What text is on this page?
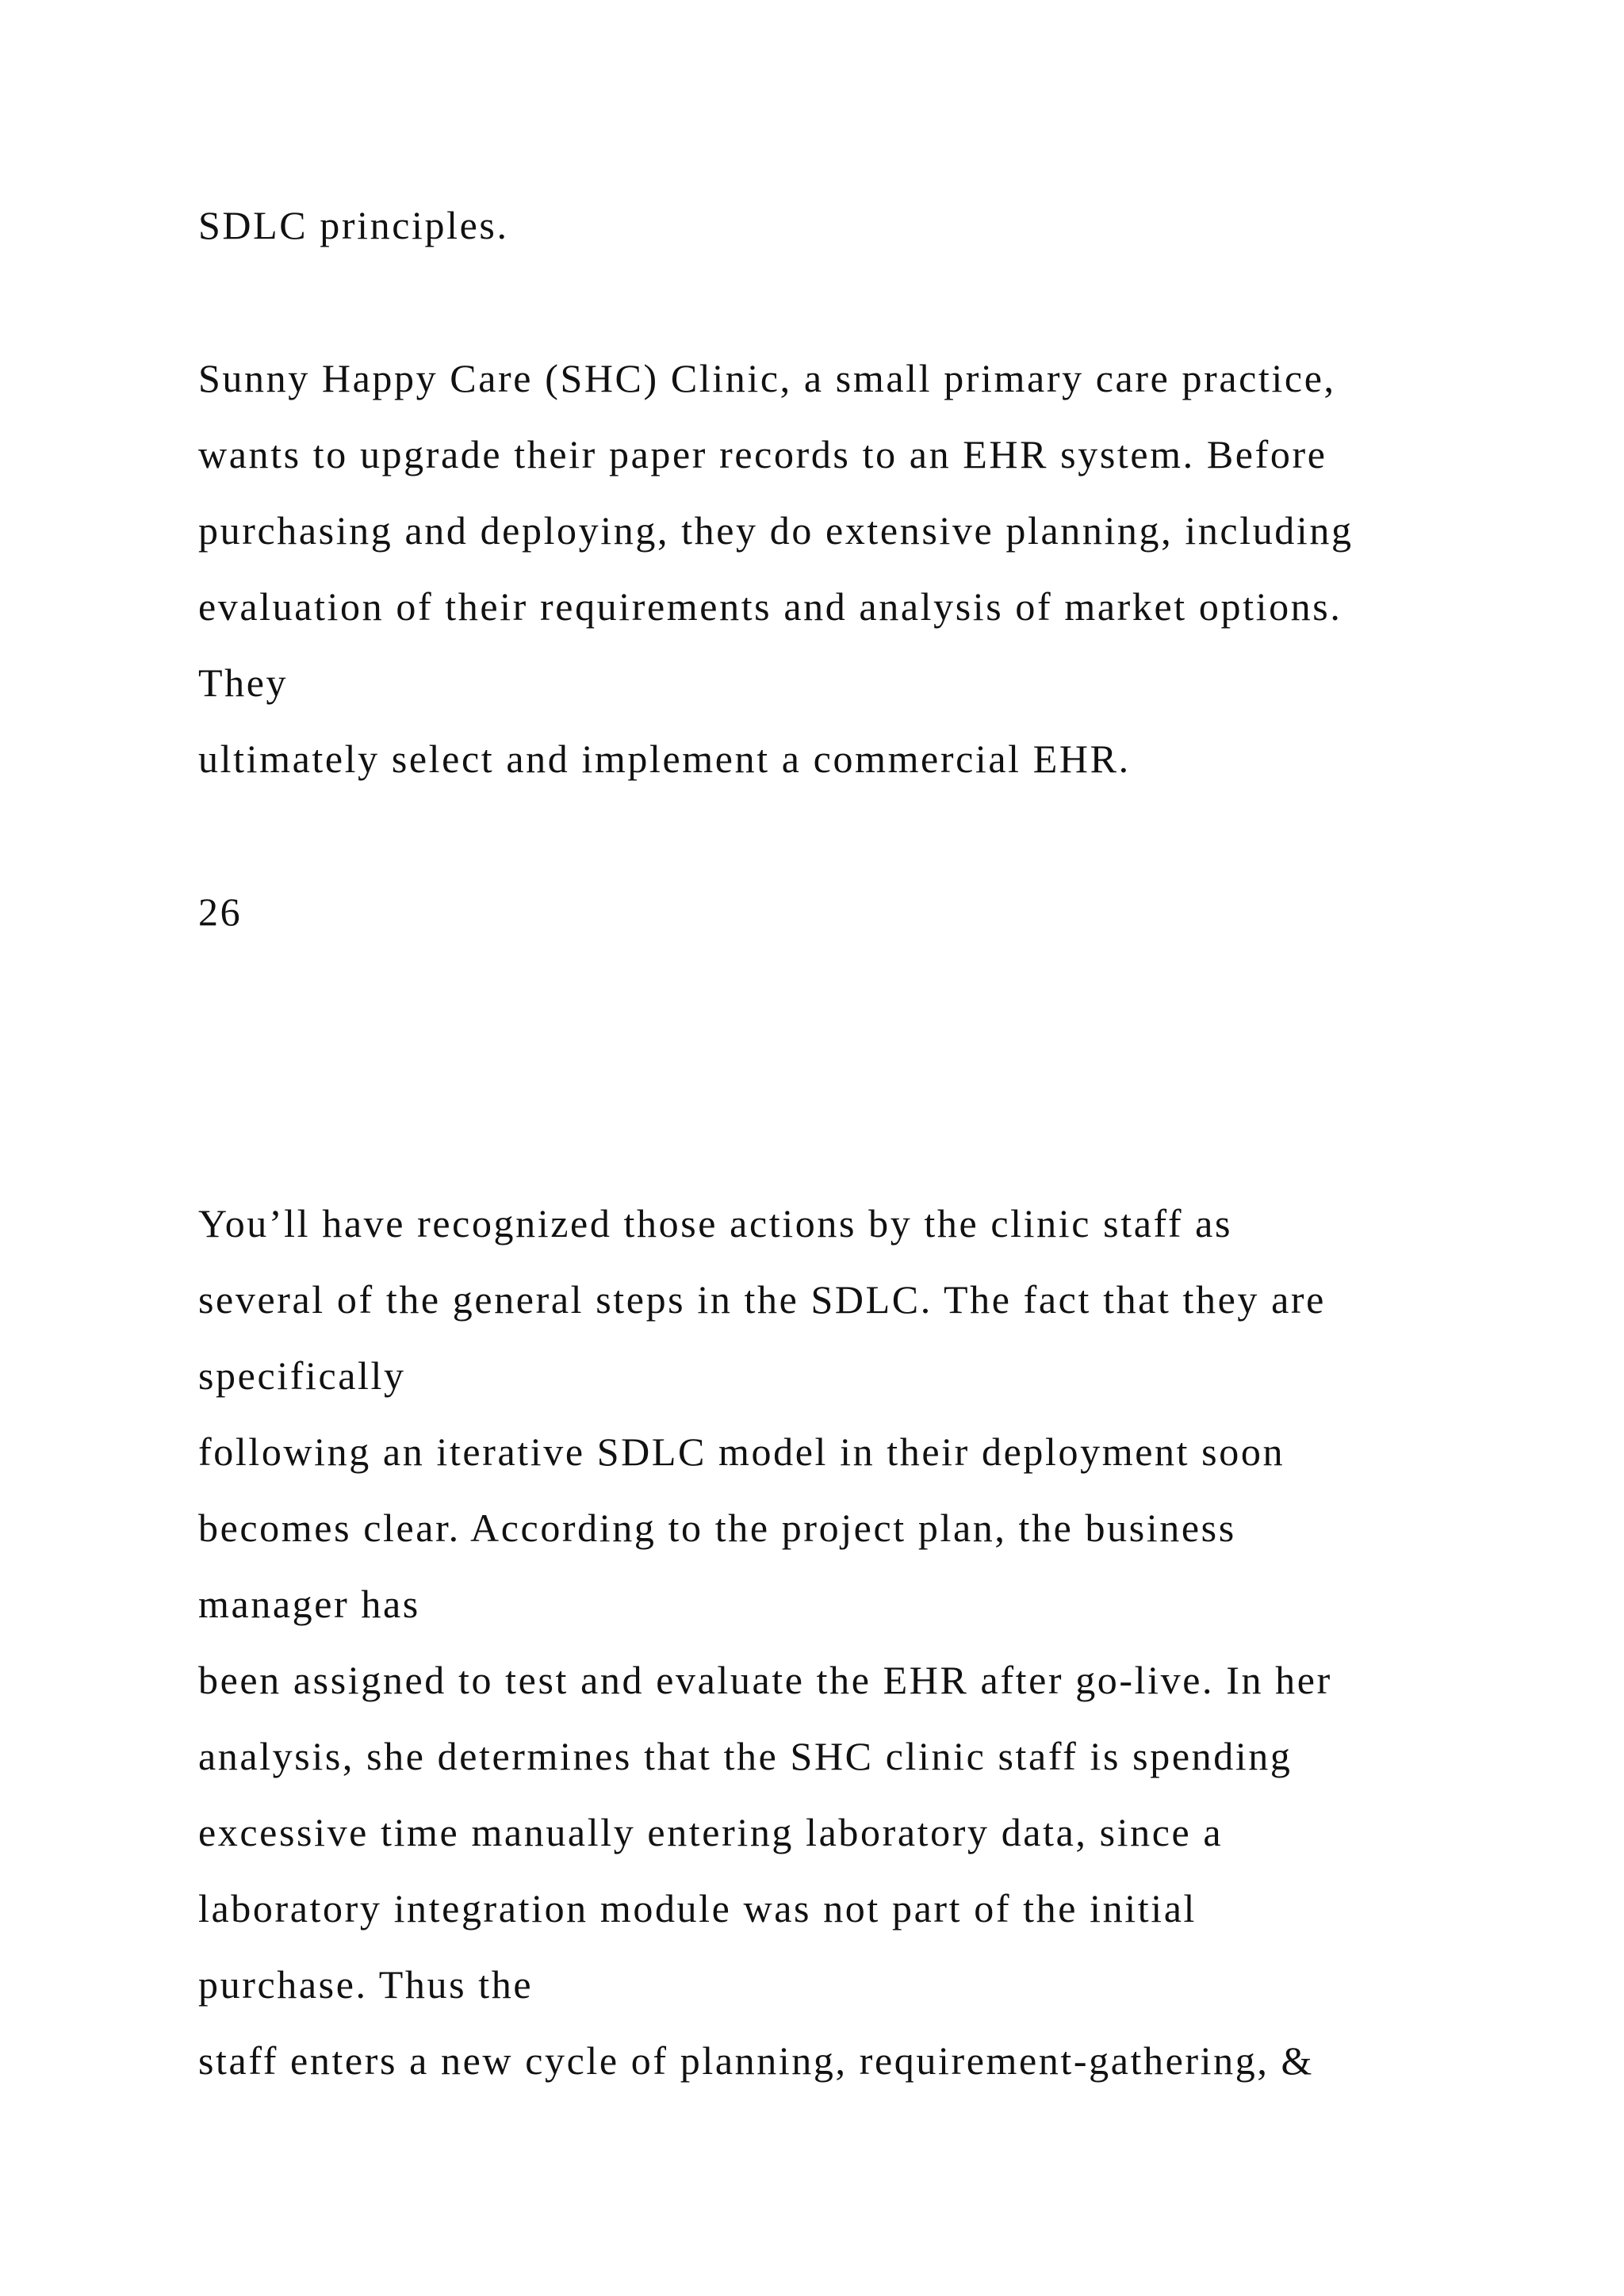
SDLC principles.
Sunny Happy Care (SHC) Clinic, a small primary care practice,
wants to upgrade their paper records to an EHR system. Before
purchasing and deploying, they do extensive planning, including
evaluation of their requirements and analysis of market options.
They
ultimately select and implement a commercial EHR.
26
You’ll have recognized those actions by the clinic staff as
several of the general steps in the SDLC. The fact that they are
specifically
following an iterative SDLC model in their deployment soon
becomes clear. According to the project plan, the business
manager has
been assigned to test and evaluate the EHR after go-live. In her
analysis, she determines that the SHC clinic staff is spending
excessive time manually entering laboratory data, since a
laboratory integration module was not part of the initial
purchase. Thus the
staff enters a new cycle of planning, requirement-gathering, &
